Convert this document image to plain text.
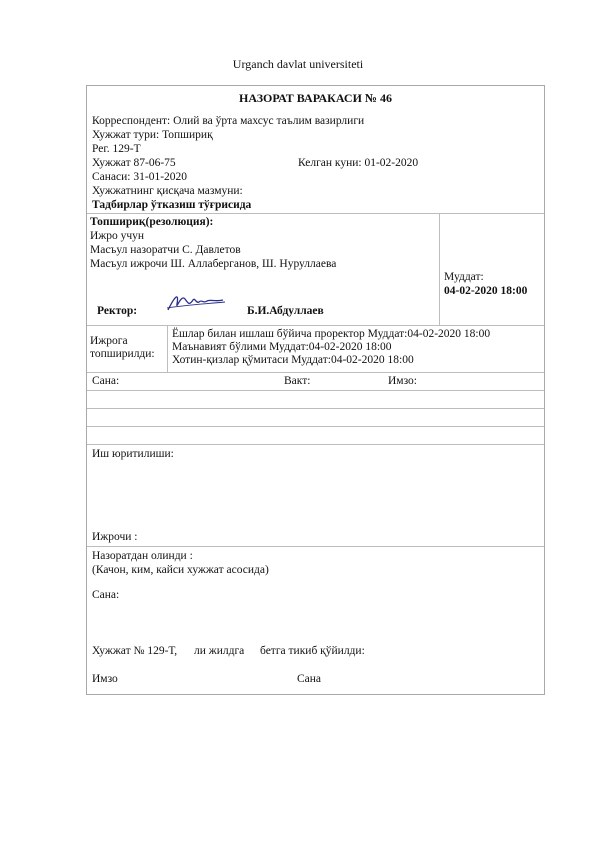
Urganch davlat universiteti
НАЗОРАТ ВАРАКАСИ № 46
Корреспондент: Олий ва ўрта махсус таълим вазирлиги
Хужжат тури: Топшириқ
Рег. 129-Т
Хужжат 87-06-75	Келган куни: 01-02-2020
Санаси: 31-01-2020
Хужжатнинг қисқача мазмуни:
Тадбирлар ўтказиш тўғрисида
Топшириқ(резолюция):
Ижро учун
Масъул назоратчи С. Давлетов
Масъул ижрочи Ш. Аллаберганов, Ш. Нуруллаева
Ректор:	Б.И.Абдуллаев
Муддат:
04-02-2020 18:00
Ижрога топширилди:
Ёшлар билан ишлаш бўйича проректор Муддат:04-02-2020 18:00
Маънавият бўлими Муддат:04-02-2020 18:00
Хотин-қизлар қўмитаси Муддат:04-02-2020 18:00
Сана:	Вакт:	Имзо:
Иш юритилиши:
Ижрочи :
Назоратдан олинди :
(Качон, ким, кайси хужжат асосида)
Сана:
Хужжат № 129-Т, ли жилдга бетга тикиб қўйилди:
Имзо	Сана
